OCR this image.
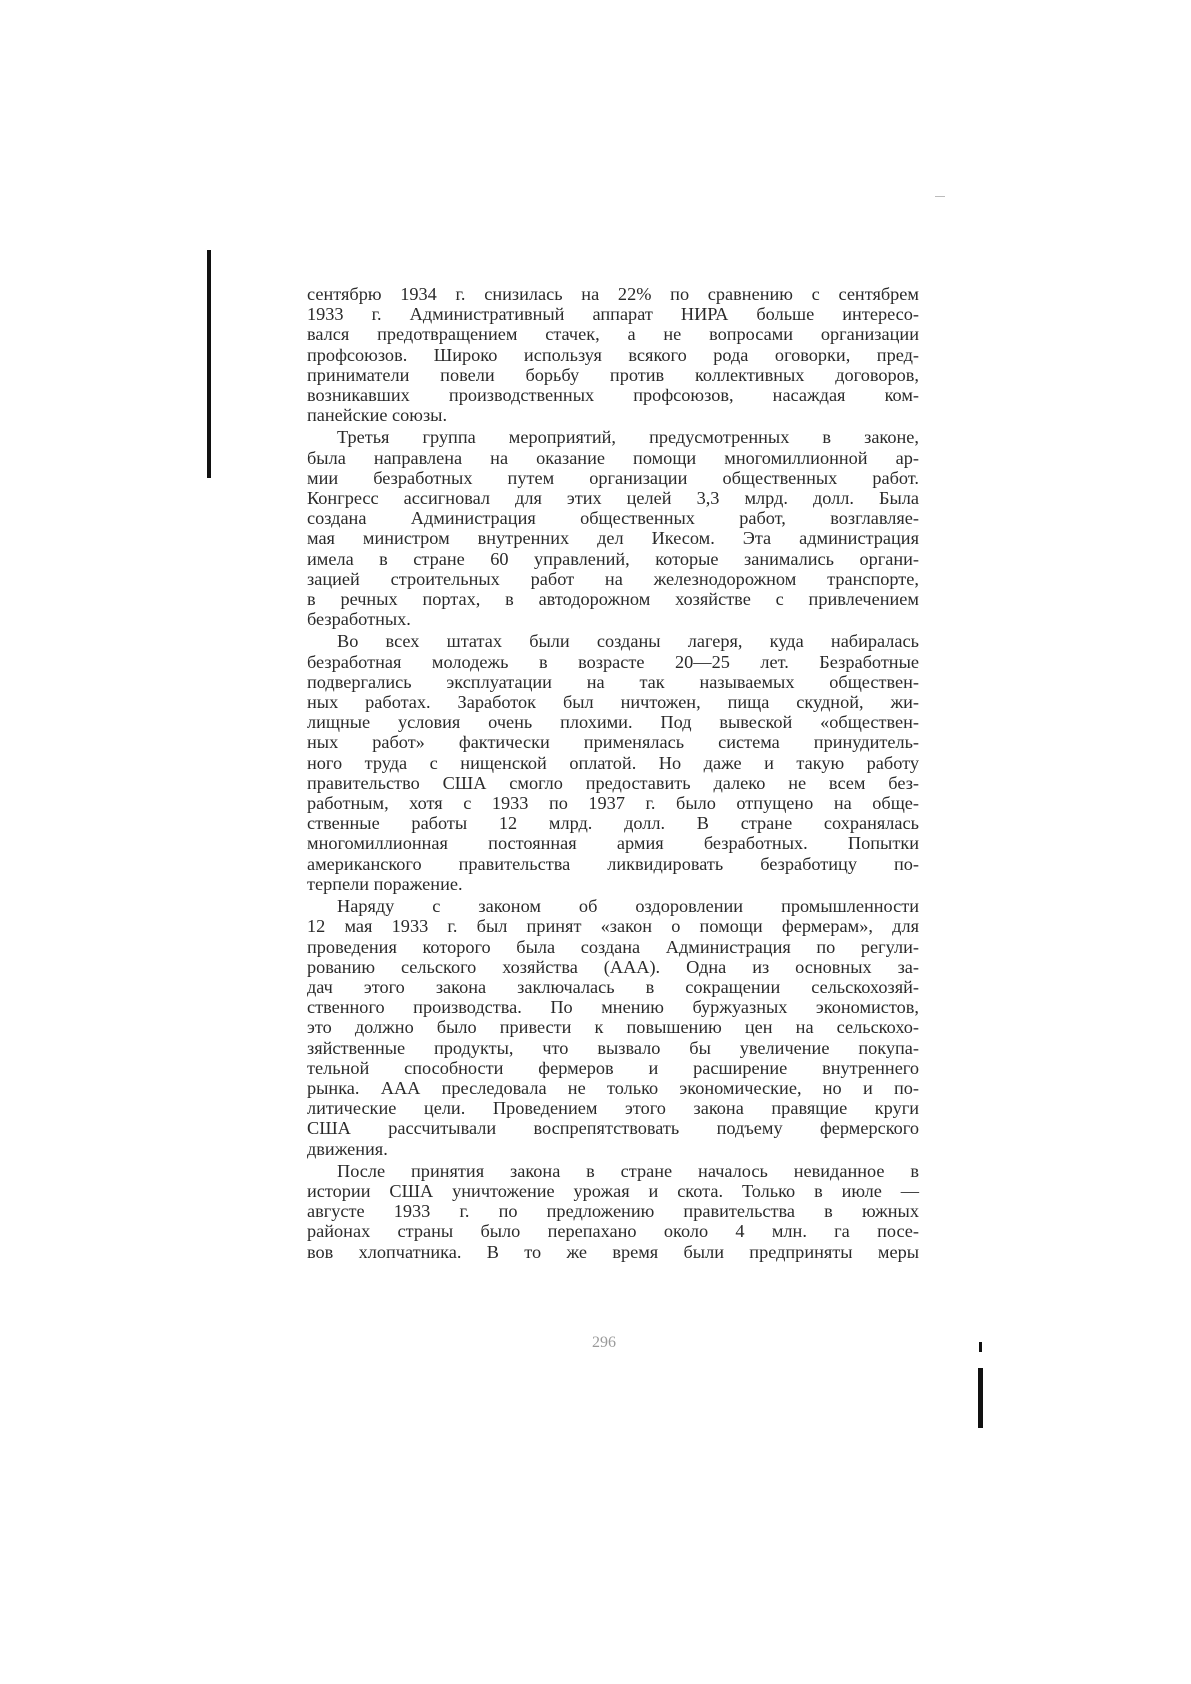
сентябрю 1934 г. снизилась на 22% по сравнению с сентябрем
1933 г. Административный аппарат НИРА больше интересо-
вался предотвращением стачек, а не вопросами организации
профсоюзов. Широко используя всякого рода оговорки, пред-
приниматели повели борьбу против коллективных договоров,
возникавших производственных профсоюзов, насаждая ком-
панейские союзы.

Третья группа мероприятий, предусмотренных в законе,
была направлена на оказание помощи многомиллионной ар-
мии безработных путем организации общественных работ.
Конгресс ассигновал для этих целей 3,3 млрд. долл. Была
создана Администрация общественных работ, возглавляе-
мая министром внутренних дел Икесом. Эта администрация
имела в стране 60 управлений, которые занимались органи-
зацией строительных работ на железнодорожном транспорте,
в речных портах, в автодорожном хозяйстве с привлечением
безработных.

Во всех штатах были созданы лагеря, куда набиралась
безработная молодежь в возрасте 20—25 лет. Безработные
подвергались эксплуатации на так называемых обществен-
ных работах. Заработок был ничтожен, пища скудной, жи-
лищные условия очень плохими. Под вывеской «обществен-
ных работ» фактически применялась система принудитель-
ного труда с нищенской оплатой. Но даже и такую работу
правительство США смогло предоставить далеко не всем без-
работным, хотя с 1933 по 1937 г. было отпущено на обще-
ственные работы 12 млрд. долл. В стране сохранялась
многомиллионная постоянная армия безработных. Попытки
американского правительства ликвидировать безработицу по-
терпели поражение.

Наряду с законом об оздоровлении промышленности
12 мая 1933 г. был принят «закон о помощи фермерам», для
проведения которого была создана Администрация по регули-
рованию сельского хозяйства (ААА). Одна из основных за-
дач этого закона заключалась в сокращении сельскохозяй-
ственного производства. По мнению буржуазных экономистов,
это должно было привести к повышению цен на сельскохо-
зяйственные продукты, что вызвало бы увеличение покупа-
тельной способности фермеров и расширение внутреннего
рынка. ААА преследовала не только экономические, но и по-
литические цели. Проведением этого закона правящие круги
США рассчитывали воспрепятствовать подъему фермерского
движения.

После принятия закона в стране началось невиданное в
истории США уничтожение урожая и скота. Только в июле —
августе 1933 г. по предложению правительства в южных
районах страны было перепахано около 4 млн. га посе-
вов хлопчатника. В то же время были предприняты меры

296
